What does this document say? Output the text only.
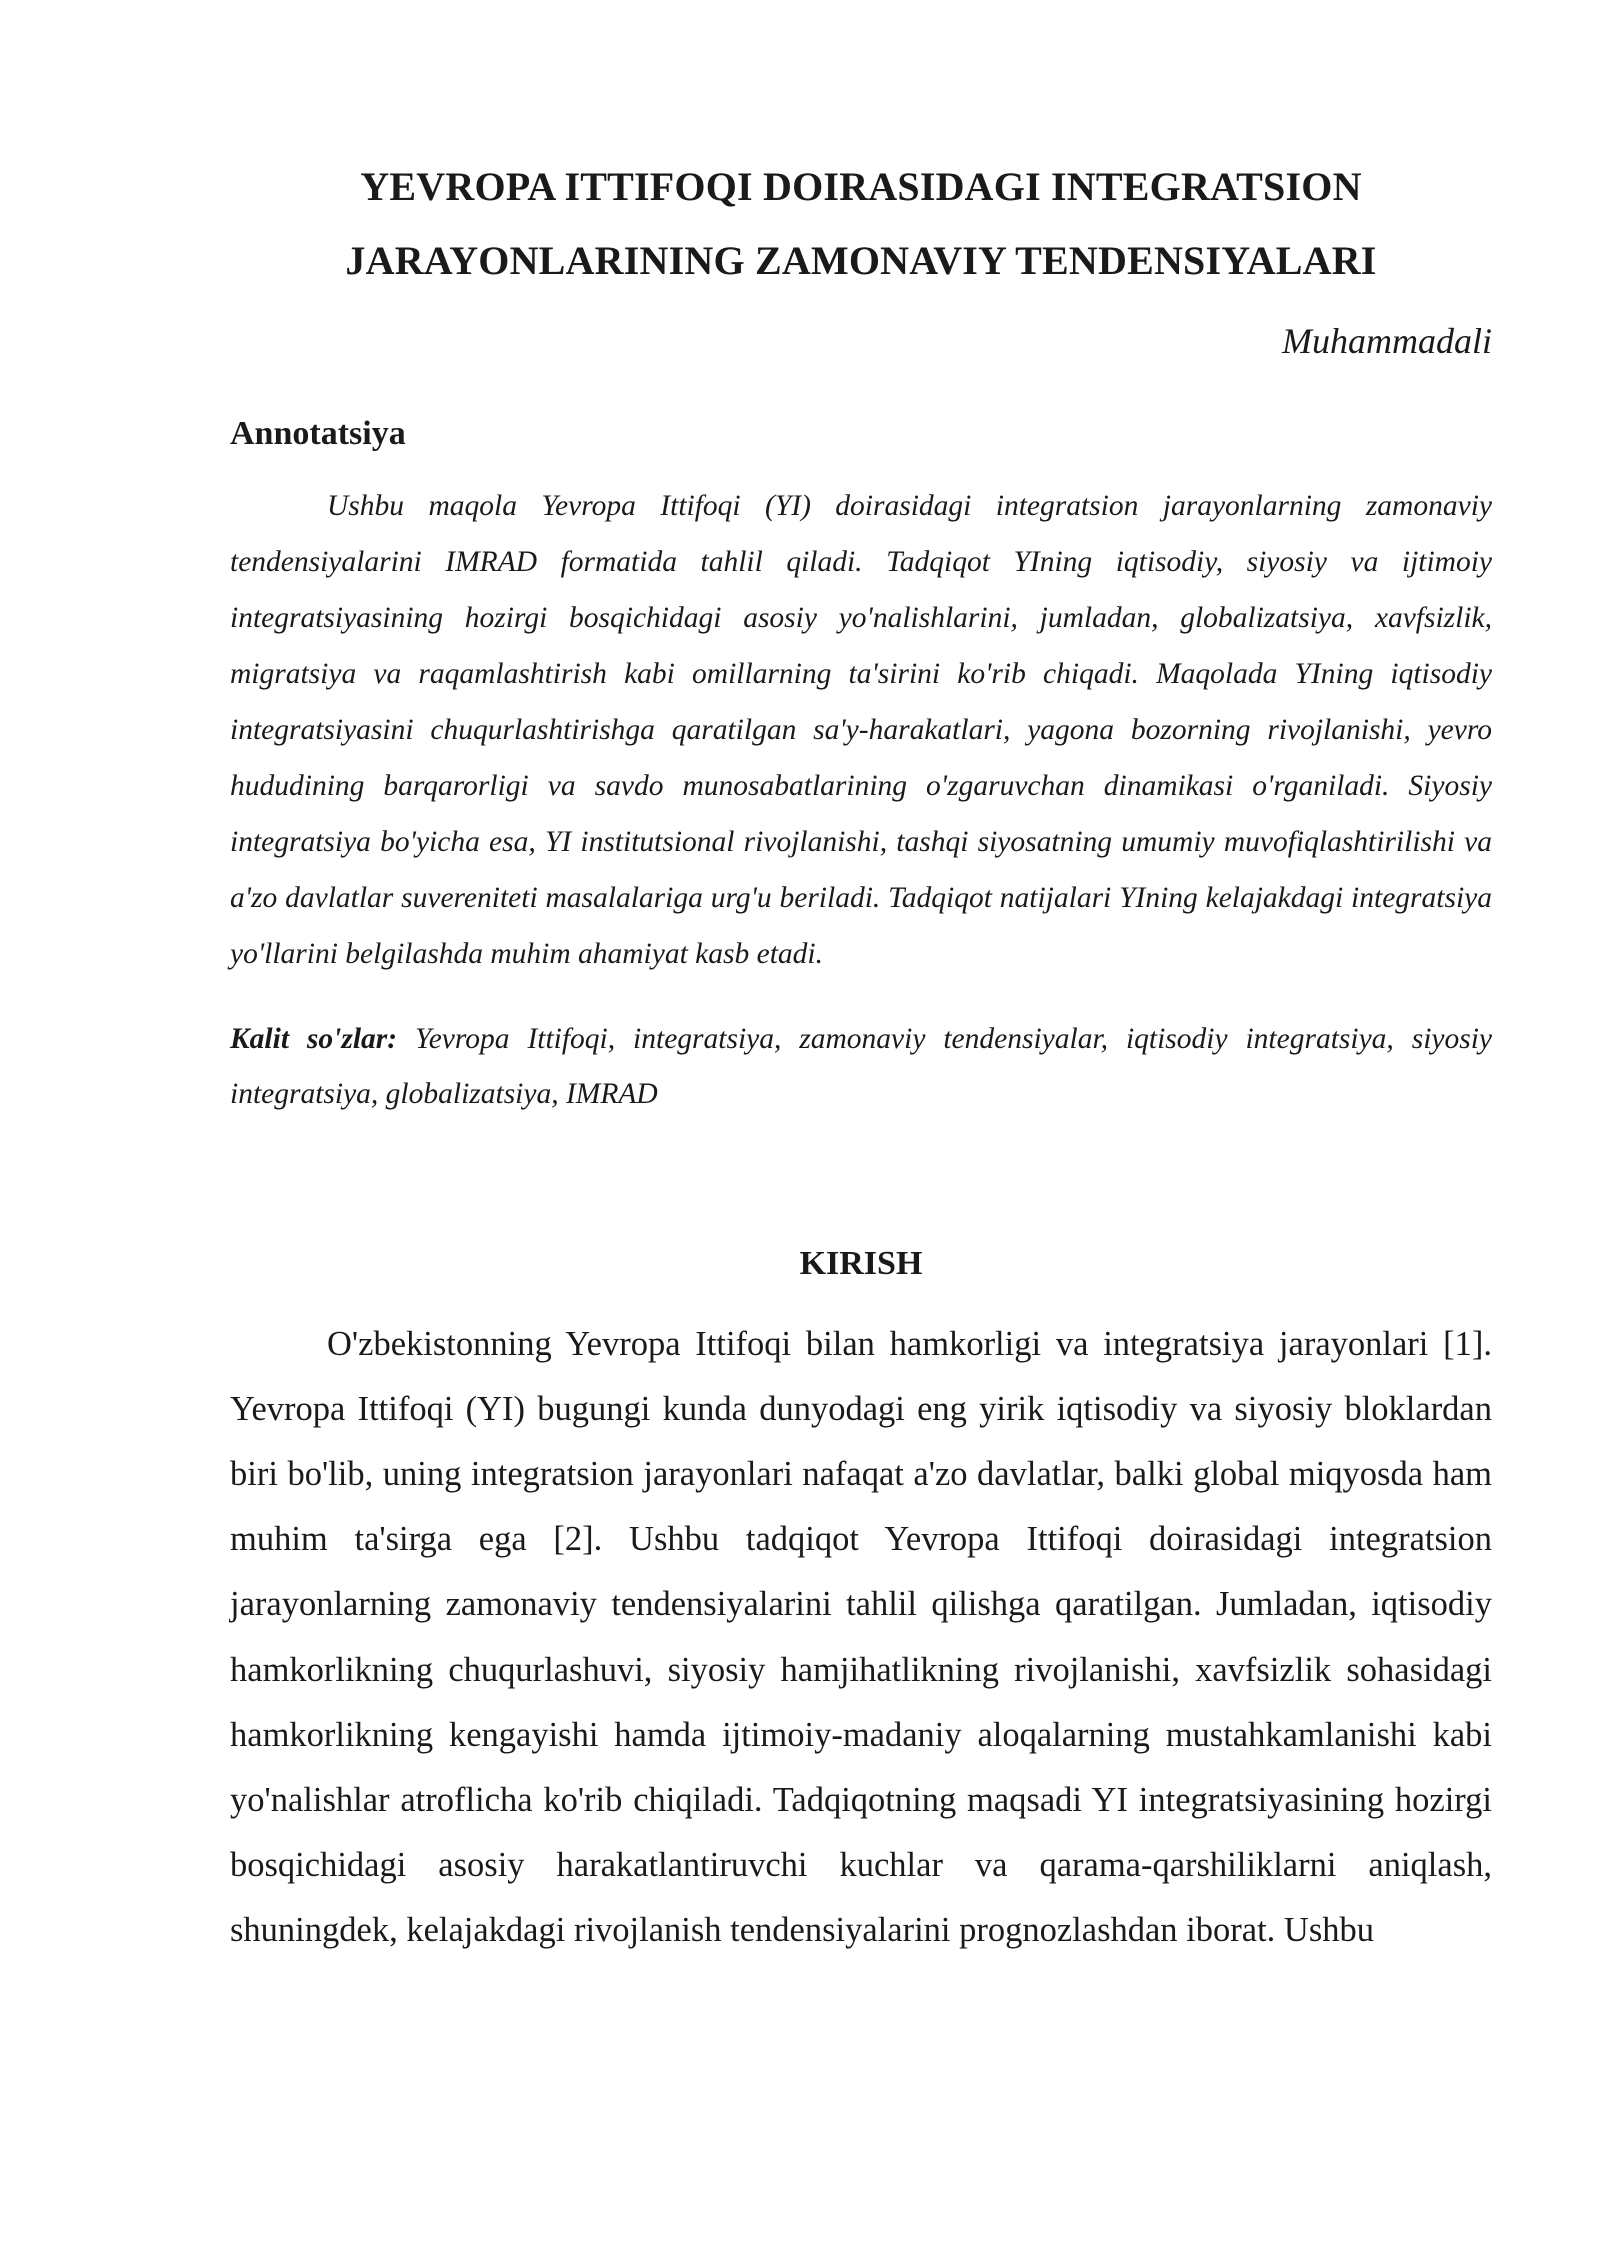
YEVROPA ITTIFOQI DOIRASIDAGI INTEGRATSION
JARAYONLARINING ZAMONAVIY TENDENSIYALARI
Muhammadali
Annotatsiya

Ushbu maqola Yevropa Ittifoqi (YI) doirasidagi integratsion jarayonlarning zamonaviy tendensiyalarini IMRAD formatida tahlil qiladi. Tadqiqot YIning iqtisodiy, siyosiy va ijtimoiy integratsiyasining hozirgi bosqichidagi asosiy yo'nalishlarini, jumladan, globalizatsiya, xavfsizlik, migratsiya va raqamlashtirish kabi omillarning ta'sirini ko'rib chiqadi. Maqolada YIning iqtisodiy integratsiyasini chuqurlashtirishga qaratilgan sa'y-harakatlari, yagona bozorning rivojlanishi, yevro hududining barqarorligi va savdo munosabatlarining o'zgaruvchan dinamikasi o'rganiladi. Siyosiy integratsiya bo'yicha esa, YI institutsional rivojlanishi, tashqi siyosatning umumiy muvofiqlashtirilishi va a'zo davlatlar suvereniteti masalalariga urg'u beriladi. Tadqiqot natijalari YIning kelajakdagi integratsiya yo'llarini belgilashda muhim ahamiyat kasb etadi.

Kalit so'zlar: Yevropa Ittifoqi, integratsiya, zamonaviy tendensiyalar, iqtisodiy integratsiya, siyosiy integratsiya, globalizatsiya, IMRAD

KIRISH

O'zbekistonning Yevropa Ittifoqi bilan hamkorligi va integratsiya jarayonlari [1]. Yevropa Ittifoqi (YI) bugungi kunda dunyodagi eng yirik iqtisodiy va siyosiy bloklardan biri bo'lib, uning integratsion jarayonlari nafaqat a'zo davlatlar, balki global miqyosda ham muhim ta'sirga ega [2]. Ushbu tadqiqot Yevropa Ittifoqi doirasidagi integratsion jarayonlarning zamonaviy tendensiyalarini tahlil qilishga qaratilgan. Jumladan, iqtisodiy hamkorlikning chuqurlashuvi, siyosiy hamjihatlikning rivojlanishi, xavfsizlik sohasidagi hamkorlikning kengayishi hamda ijtimoiy-madaniy aloqalarning mustahkamlanishi kabi yo'nalishlar atroflicha ko'rib chiqiladi. Tadqiqotning maqsadi YI integratsiyasining hozirgi bosqichidagi asosiy harakatlantiruvchi kuchlar va qarama-qarshiliklarni aniqlash, shuningdek, kelajakdagi rivojlanish tendensiyalarini prognozlashdan iborat. Ushbu
